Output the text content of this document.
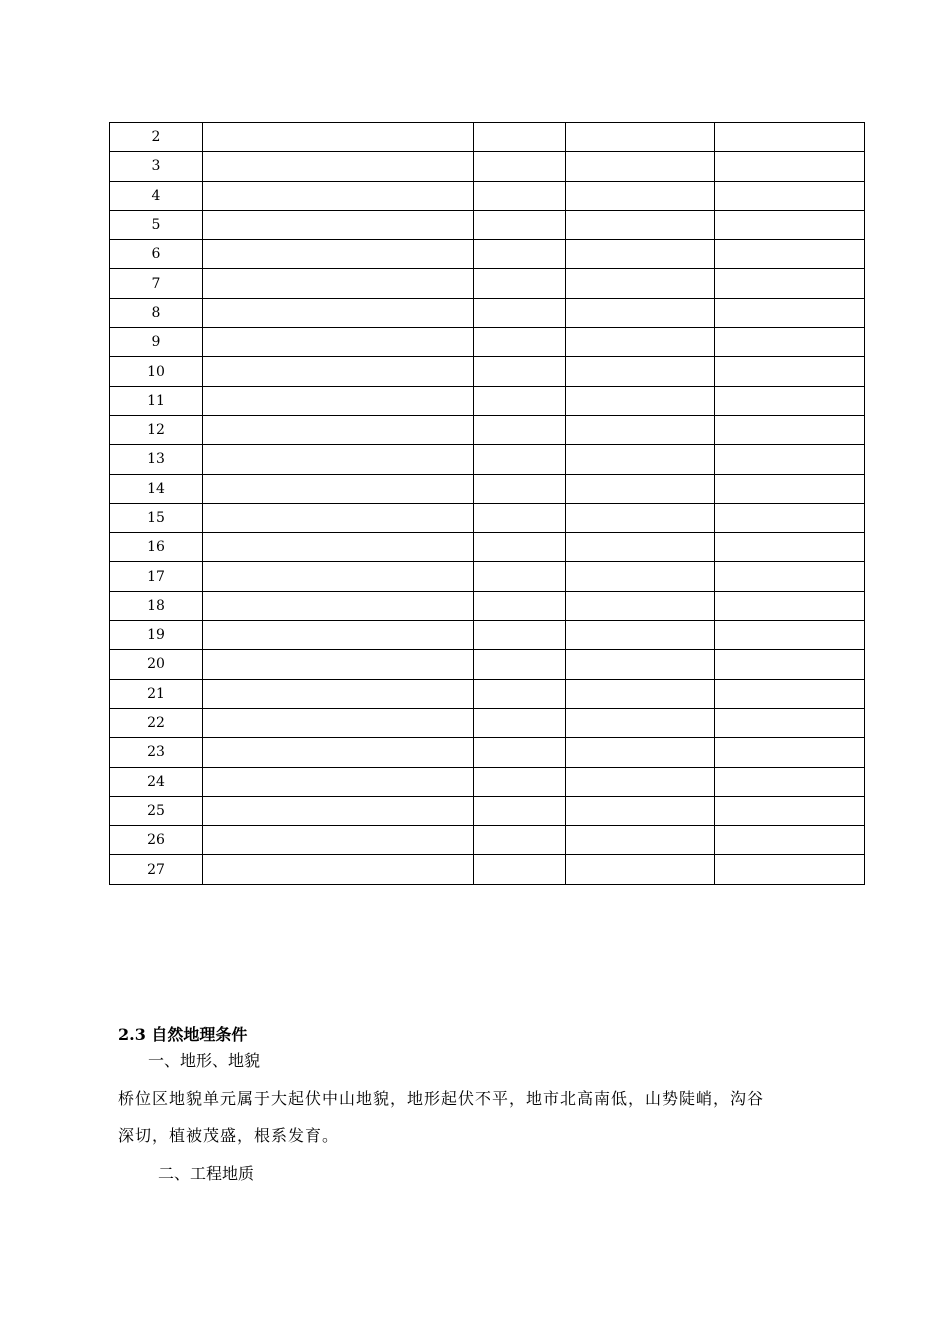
2				
3				
4				
5				
6				
7				
8				
9				
10				
11				
12				
13				
14				
15				
16				
17				
18				
19				
20				
21				
22				
23				
24				
25				
26				
27				

2.3 自然地理条件

一、地形、地貌

桥位区地貌单元属于大起伏中山地貌，地形起伏不平，地市北高南低，山势陡峭，沟谷
深切，植被茂盛，根系发育。

二、工程地质
